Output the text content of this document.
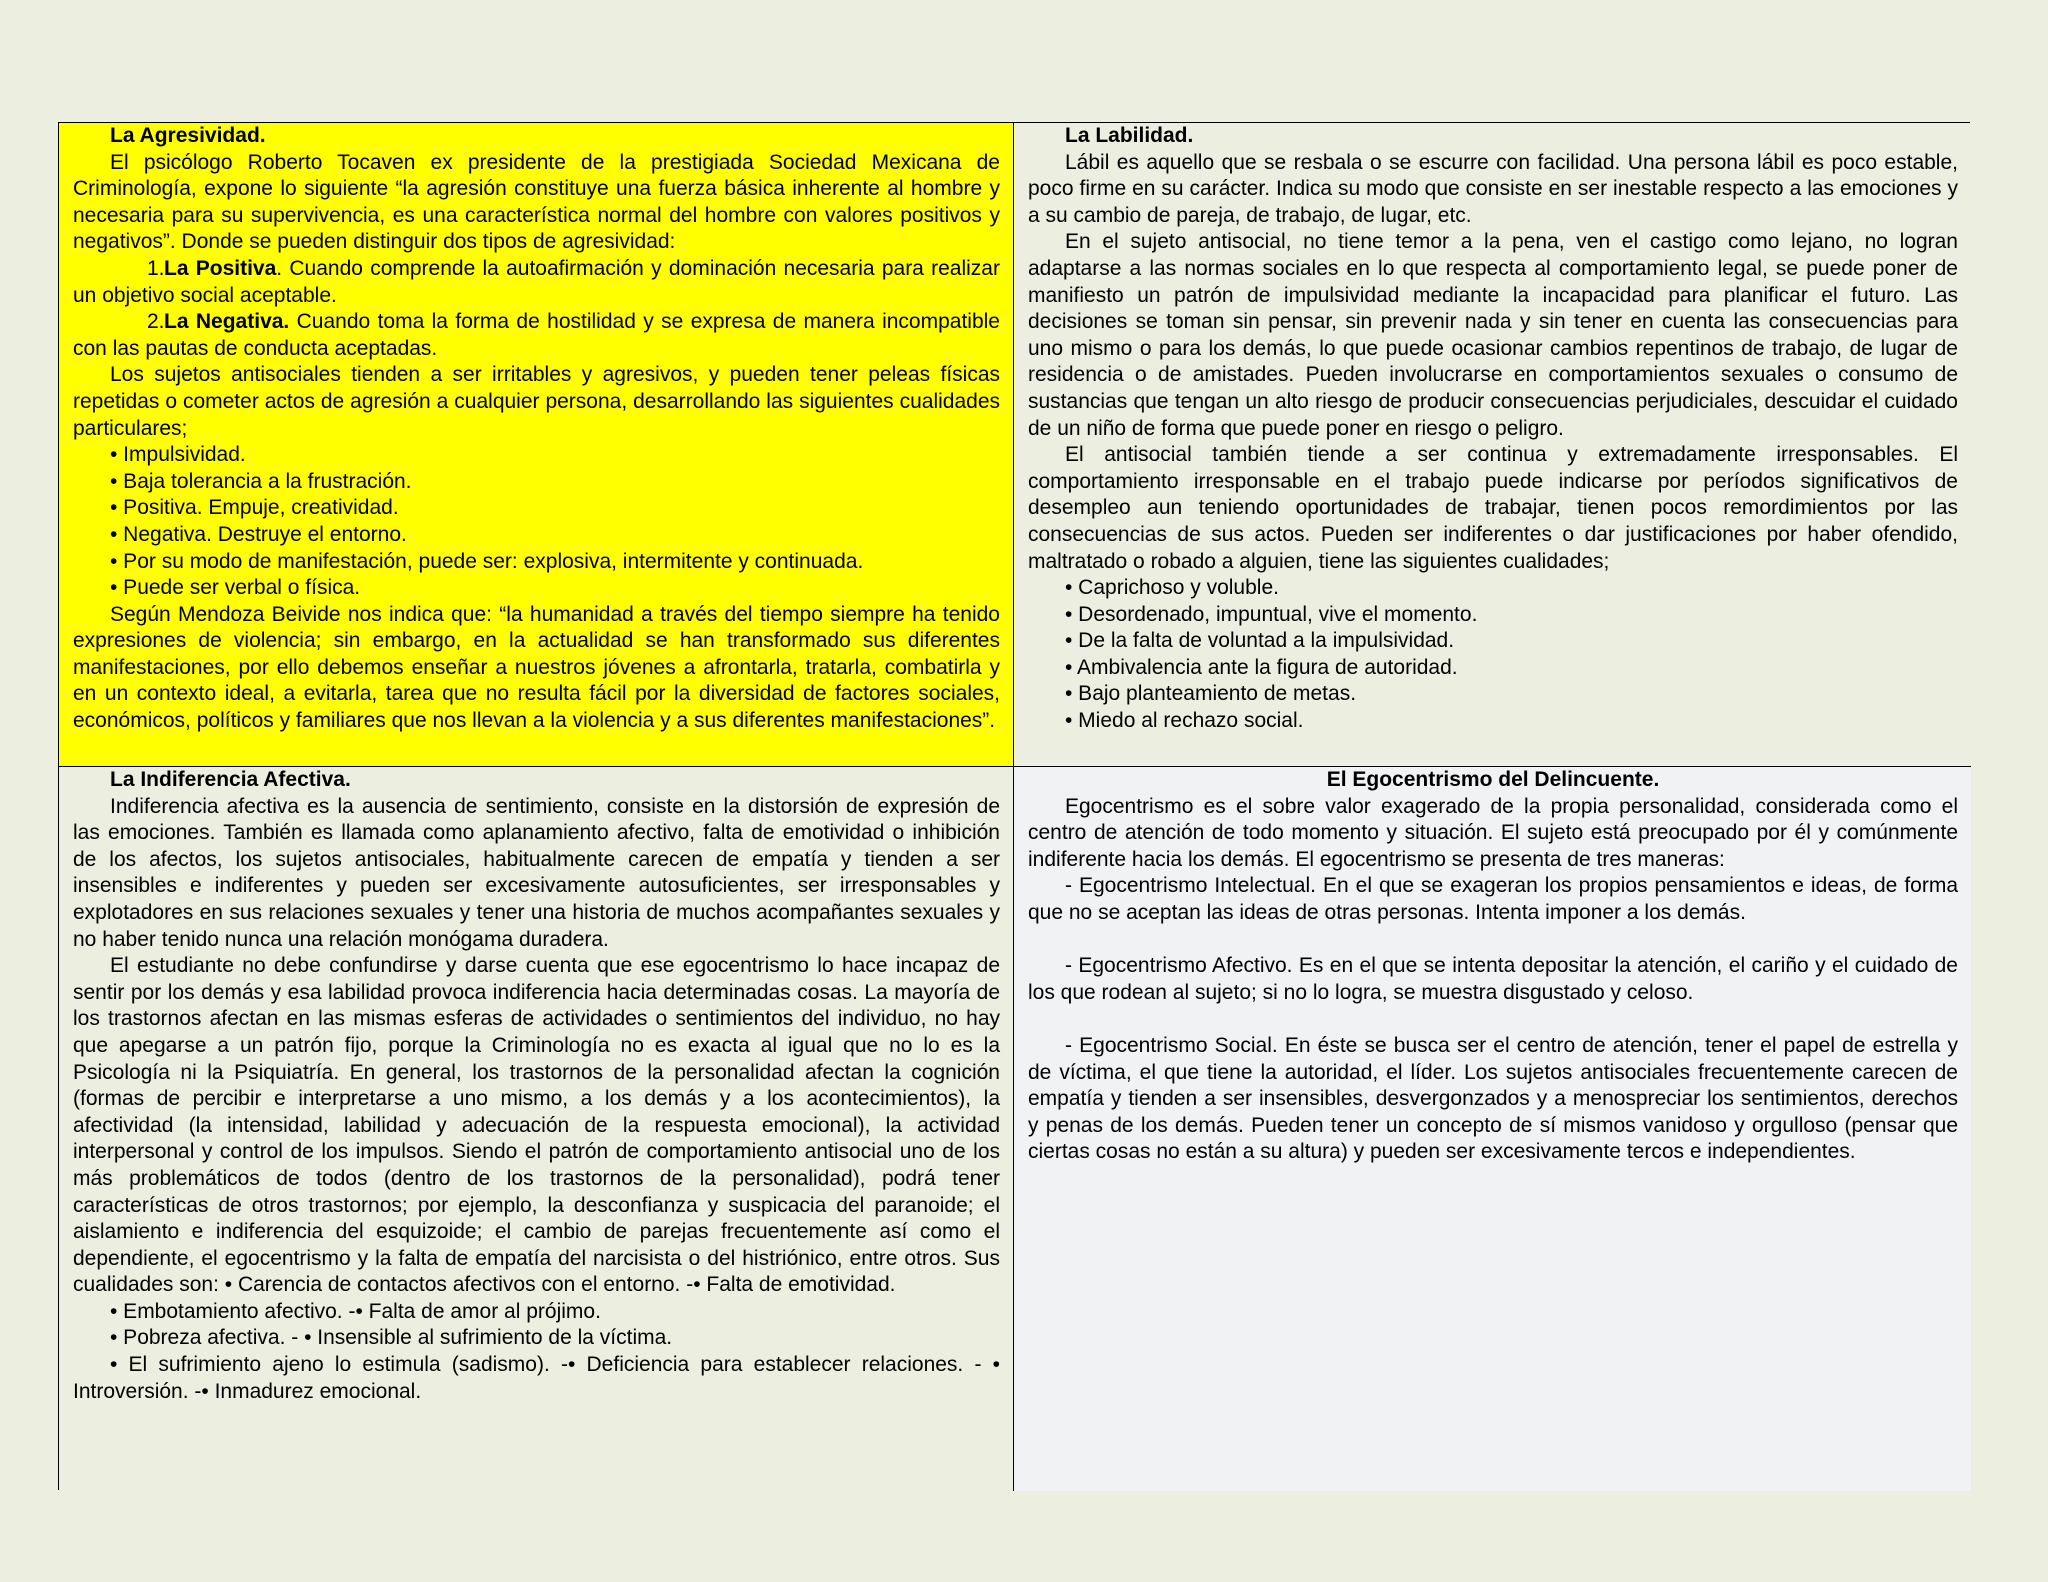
La Agresividad.

El psicólogo Roberto Tocaven ex presidente de la prestigiada Sociedad Mexicana de Criminología, expone lo siguiente “la agresión constituye una fuerza básica inherente al hombre y necesaria para su supervivencia, es una característica normal del hombre con valores positivos y negativos”. Donde se pueden distinguir dos tipos de agresividad:

1.La Positiva. Cuando comprende la autoafirmación y dominación necesaria para realizar un objetivo social aceptable.

2.La Negativa. Cuando toma la forma de hostilidad y se expresa de manera incompatible con las pautas de conducta aceptadas.

Los sujetos antisociales tienden a ser irritables y agresivos, y pueden tener peleas físicas repetidas o cometer actos de agresión a cualquier persona, desarrollando las siguientes cualidades particulares;

• Impulsividad.

• Baja tolerancia a la frustración.

• Positiva. Empuje, creatividad.

• Negativa. Destruye el entorno.

• Por su modo de manifestación, puede ser: explosiva, intermitente y continuada.

• Puede ser verbal o física.

Según Mendoza Beivide nos indica que: “la humanidad a través del tiempo siempre ha tenido expresiones de violencia; sin embargo, en la actualidad se han transformado sus diferentes manifestaciones, por ello debemos enseñar a nuestros jóvenes a afrontarla, tratarla, combatirla y en un contexto ideal, a evitarla, tarea que no resulta fácil por la diversidad de factores sociales, económicos, políticos y familiares que nos llevan a la violencia y a sus diferentes manifestaciones”.

La Labilidad.

Lábil es aquello que se resbala o se escurre con facilidad. Una persona lábil es poco estable, poco firme en su carácter. Indica su modo que consiste en ser inestable respecto a las emociones y a su cambio de pareja, de trabajo, de lugar, etc.

En el sujeto antisocial, no tiene temor a la pena, ven el castigo como lejano, no logran adaptarse a las normas sociales en lo que respecta al comportamiento legal, se puede poner de manifiesto un patrón de impulsividad mediante la incapacidad para planificar el futuro. Las decisiones se toman sin pensar, sin prevenir nada y sin tener en cuenta las consecuencias para uno mismo o para los demás, lo que puede ocasionar cambios repentinos de trabajo, de lugar de residencia o de amistades. Pueden involucrarse en comportamientos sexuales o consumo de sustancias que tengan un alto riesgo de producir consecuencias perjudiciales, descuidar el cuidado de un niño de forma que puede poner en riesgo o peligro.

El antisocial también tiende a ser continua y extremadamente irresponsables. El comportamiento irresponsable en el trabajo puede indicarse por períodos significativos de desempleo aun teniendo oportunidades de trabajar, tienen pocos remordimientos por las consecuencias de sus actos. Pueden ser indiferentes o dar justificaciones por haber ofendido, maltratado o robado a alguien, tiene las siguientes cualidades;

• Caprichoso y voluble.

• Desordenado, impuntual, vive el momento.

• De la falta de voluntad a la impulsividad.

• Ambivalencia ante la figura de autoridad.

• Bajo planteamiento de metas.

• Miedo al rechazo social.

La Indiferencia Afectiva.

Indiferencia afectiva es la ausencia de sentimiento, consiste en la distorsión de expresión de las emociones. También es llamada como aplanamiento afectivo, falta de emotividad o inhibición de los afectos, los sujetos antisociales, habitualmente carecen de empatía y tienden a ser insensibles e indiferentes y pueden ser excesivamente autosuficientes, ser irresponsables y explotadores en sus relaciones sexuales y tener una historia de muchos acompañantes sexuales y no haber tenido nunca una relación monógama duradera.

El estudiante no debe confundirse y darse cuenta que ese egocentrismo lo hace incapaz de sentir por los demás y esa labilidad provoca indiferencia hacia determinadas cosas. La mayoría de los trastornos afectan en las mismas esferas de actividades o sentimientos del individuo, no hay que apegarse a un patrón fijo, porque la Criminología no es exacta al igual que no lo es la Psicología ni la Psiquiatría. En general, los trastornos de la personalidad afectan la cognición (formas de percibir e interpretarse a uno mismo, a los demás y a los acontecimientos), la afectividad (la intensidad, labilidad y adecuación de la respuesta emocional), la actividad interpersonal y control de los impulsos. Siendo el patrón de comportamiento antisocial uno de los más problemáticos de todos (dentro de los trastornos de la personalidad), podrá tener características de otros trastornos; por ejemplo, la desconfianza y suspicacia del paranoide; el aislamiento e indiferencia del esquizoide; el cambio de parejas frecuentemente así como el dependiente, el egocentrismo y la falta de empatía del narcisista o del histriónico, entre otros. Sus cualidades son: • Carencia de contactos afectivos con el entorno. -• Falta de emotividad.

• Embotamiento afectivo. -• Falta de amor al prójimo.

• Pobreza afectiva. - • Insensible al sufrimiento de la víctima.

• El sufrimiento ajeno lo estimula (sadismo). -• Deficiencia para establecer relaciones. - • Introversión. -• Inmadurez emocional.

El Egocentrismo del Delincuente.

Egocentrismo es el sobre valor exagerado de la propia personalidad, considerada como el centro de atención de todo momento y situación. El sujeto está preocupado por él y comúnmente indiferente hacia los demás. El egocentrismo se presenta de tres maneras:

- Egocentrismo Intelectual. En el que se exageran los propios pensamientos e ideas, de forma que no se aceptan las ideas de otras personas. Intenta imponer a los demás.

- Egocentrismo Afectivo. Es en el que se intenta depositar la atención, el cariño y el cuidado de los que rodean al sujeto; si no lo logra, se muestra disgustado y celoso.

- Egocentrismo Social. En éste se busca ser el centro de atención, tener el papel de estrella y de víctima, el que tiene la autoridad, el líder. Los sujetos antisociales frecuentemente carecen de empatía y tienden a ser insensibles, desvergonzados y a menospreciar los sentimientos, derechos y penas de los demás. Pueden tener un concepto de sí mismos vanidoso y orgulloso (pensar que ciertas cosas no están a su altura) y pueden ser excesivamente tercos e independientes.
